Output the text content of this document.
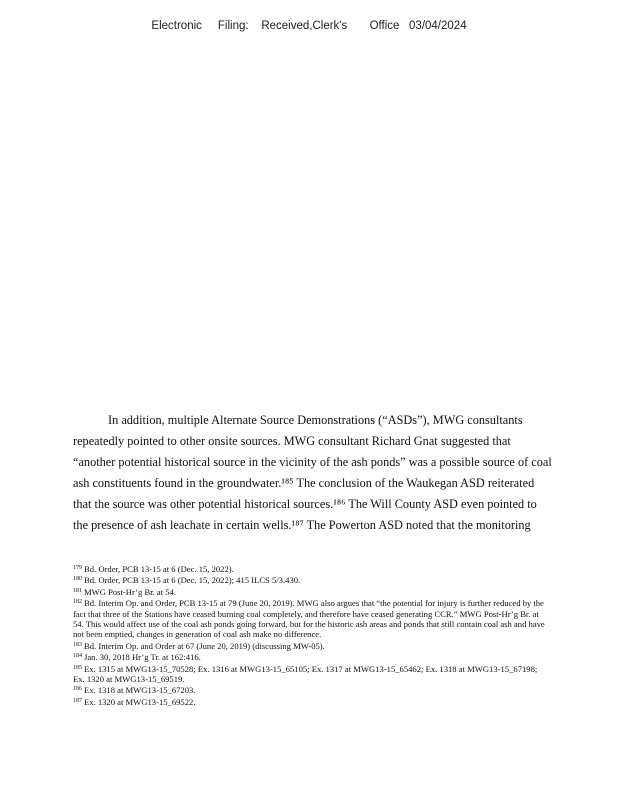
Electronic     Filing:    Received,Clerk's       Office   03/04/2024
In addition, multiple Alternate Source Demonstrations (“ASDs”), MWG consultants
repeatedly pointed to other onsite sources. MWG consultant Richard Gnat suggested that
“another potential historical source in the vicinity of the ash ponds” was a possible source of coal
ash constituents found in the groundwater.¹⁸⁵ The conclusion of the Waukegan ASD reiterated
that the source was other potential historical sources.¹⁸⁶ The Will County ASD even pointed to
the presence of ash leachate in certain wells.¹⁸⁷ The Powerton ASD noted that the monitoring

$^{179}$ Bd. Order, PCB 13-15 at 6 (Dec. 15, 2022).

$^{180}$ Bd. Order, PCB 13-15 at 6 (Dec. 15, 2022); 415 ILCS 5/3.430.

$^{181}$ MWG Post-Hr’g Br. at 54.

$^{182}$ Bd. Interim Op. and Order, PCB 13-15 at 79 (June 20, 2019). MWG also argues that “the potential for injury is further reduced by the fact that three of the Stations have ceased burning coal completely, and therefore have ceased generating CCR.” MWG Post-Hr’g Br. at 54. This would affect use of the coal ash ponds going forward, but for the historic ash areas and ponds that still contain coal ash and have not been emptied, changes in generation of coal ash make no difference.

$^{183}$ Bd. Interim Op. and Order at 67 (June 20, 2019) (discussing MW-05).

$^{184}$ Jan. 30, 2018 Hr’g Tr. at 162:416.

$^{185}$ Ex. 1315 at MWG13-15_70528; Ex. 1316 at MWG13-15_65105; Ex. 1317 at MWG13-15_65462; Ex. 1318 at MWG13-15_67198; Ex. 1320 at MWG13-15_69519.

$^{186}$ Ex. 1318 at MWG13-15_67203.

$^{187}$ Ex. 1320 at MWG13-15_69522.
